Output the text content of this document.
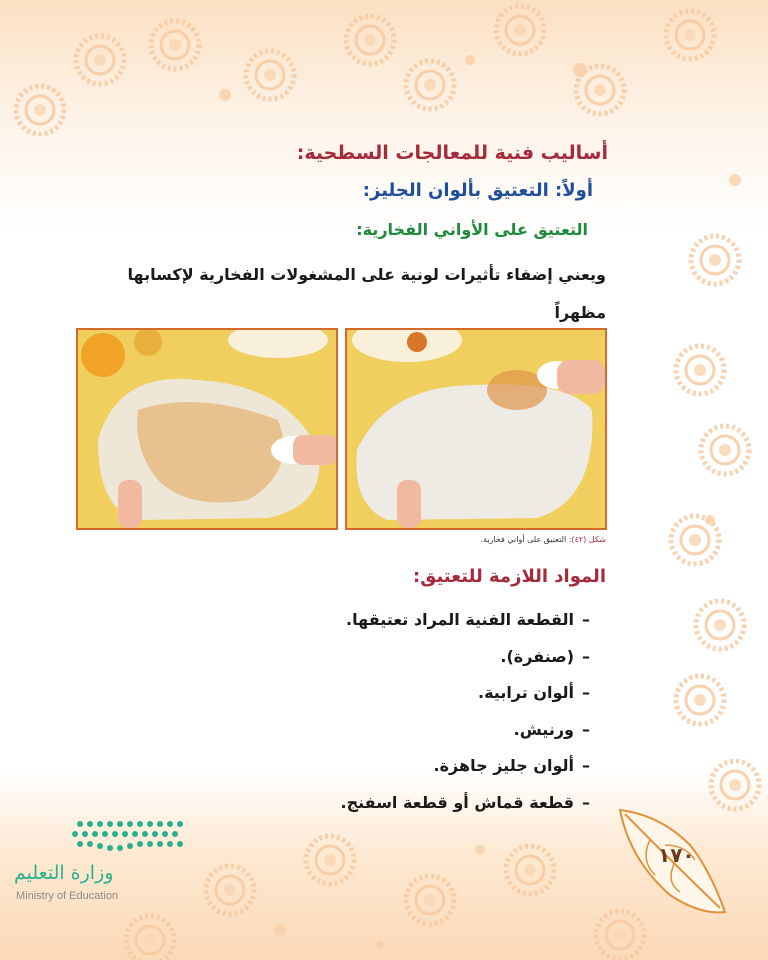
أساليب فنية للمعالجات السطحية:
أولاً: التعتيق بألوان الجليز:
التعتيق على الأواني الفخارية:
ويعني إضفاء تأثيرات لونية على المشغولات الفخارية لإكسابها مظهراً
شكل (٤٢): التعتيق على أواني فخارية.
المواد اللازمة للتعتيق:
–القطعة الفنية المراد تعتيقها.
–(صنفرة).
–ألوان ترابية.
–ورنيش.
–ألوان جليز جاهزة.
–قطعة قماش أو قطعة اسفنج.
وزارة التعليم
Ministry of Education
١٧٠
